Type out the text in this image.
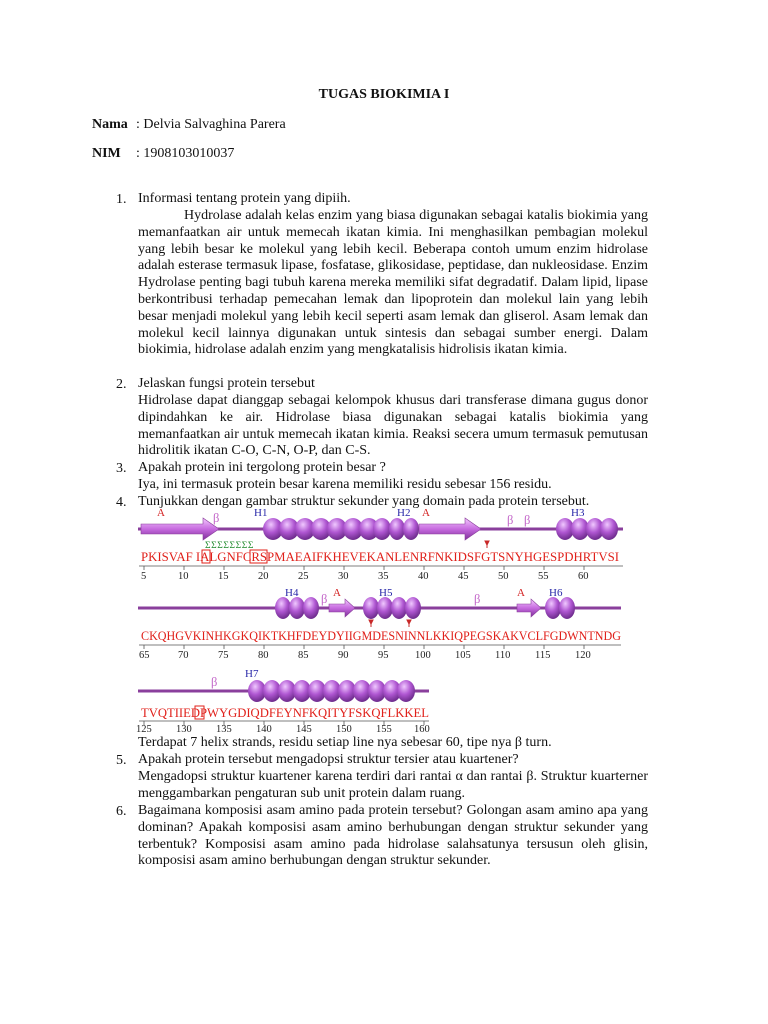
TUGAS BIOKIMIA I
Nama : Delvia Salvaghina Parera
NIM : 1908103010037
1. Informasi tentang protein yang dipiih.

Hydrolase adalah kelas enzim yang biasa digunakan sebagai katalis biokimia yang memanfaatkan air untuk memecah ikatan kimia. Ini menghasilkan pembagian molekul yang lebih besar ke molekul yang lebih kecil. Beberapa contoh umum enzim hidrolase adalah esterase termasuk lipase, fosfatase, glikosidase, peptidase, dan nukleosidase. Enzim Hydrolase penting bagi tubuh karena mereka memiliki sifat degradatif. Dalam lipid, lipase berkontribusi terhadap pemecahan lemak dan lipoprotein dan molekul lain yang lebih besar menjadi molekul yang lebih kecil seperti asam lemak dan gliserol. Asam lemak dan molekul kecil lainnya digunakan untuk sintesis dan sebagai sumber energi. Dalam biokimia, hidrolase adalah enzim yang mengkatalisis hidrolisis ikatan kimia.

2. Jelaskan fungsi protein tersebut

Hidrolase dapat dianggap sebagai kelompok khusus dari transferase dimana gugus donor dipindahkan ke air. Hidrolase biasa digunakan sebagai katalis biokimia yang memanfaatkan air untuk memecah ikatan kimia. Reaksi secera umum termasuk pemutusan hidrolitik ikatan C-O, C-N, O-P, dan C-S.

3. Apakah protein ini tergolong protein besar ?
Iya, ini termasuk protein besar karena memiliki residu sebesar 156 residu.
4. Tunjukkan dengan gambar struktur sekunder yang domain pada protein tersebut.
A	β	H1	H2 A	β β	H3
ΣΣΣΣΣΣΣΣ
PKISVAF IALGNFCRSPMAEAIFKHEVEKANLENRFNKIDSFGTSNYHGESPDHRTVSI
5	10	15	20	25	30	35	40	45	50	55	60
H4 β A	H5	β	A H6
CKQHGVKINHKGKQIKTKHFDEYDYIIGMDESNINNLKKIQPEGSKAKVCLFGDWNTNDG
65	70	75	80	85	90	95	100 105 110 115 120
β
H7
TVQTIIEDPWYGDIQDFEYNFKQITYFSKQFLKKEL
125 130 135 140 145 150 155 160
Terdapat 7 helix strands, residu setiap line nya sebesar 60, tipe nya β turn.
5. Apakah protein tersebut mengadopsi struktur tersier atau kuartener?

Mengadopsi struktur kuartener karena terdiri dari rantai α dan rantai β. Struktur kuarterner menggambarkan pengaturan sub unit protein dalam ruang.

6. Bagaimana komposisi asam amino pada protein tersebut? Golongan asam amino apa yang dominan? Apakah komposisi asam amino berhubungan dengan struktur sekunder yang terbentuk? Komposisi asam amino pada hidrolase salahsatunya tersusun oleh glisin, komposisi asam amino berhubungan dengan struktur sekunder.
